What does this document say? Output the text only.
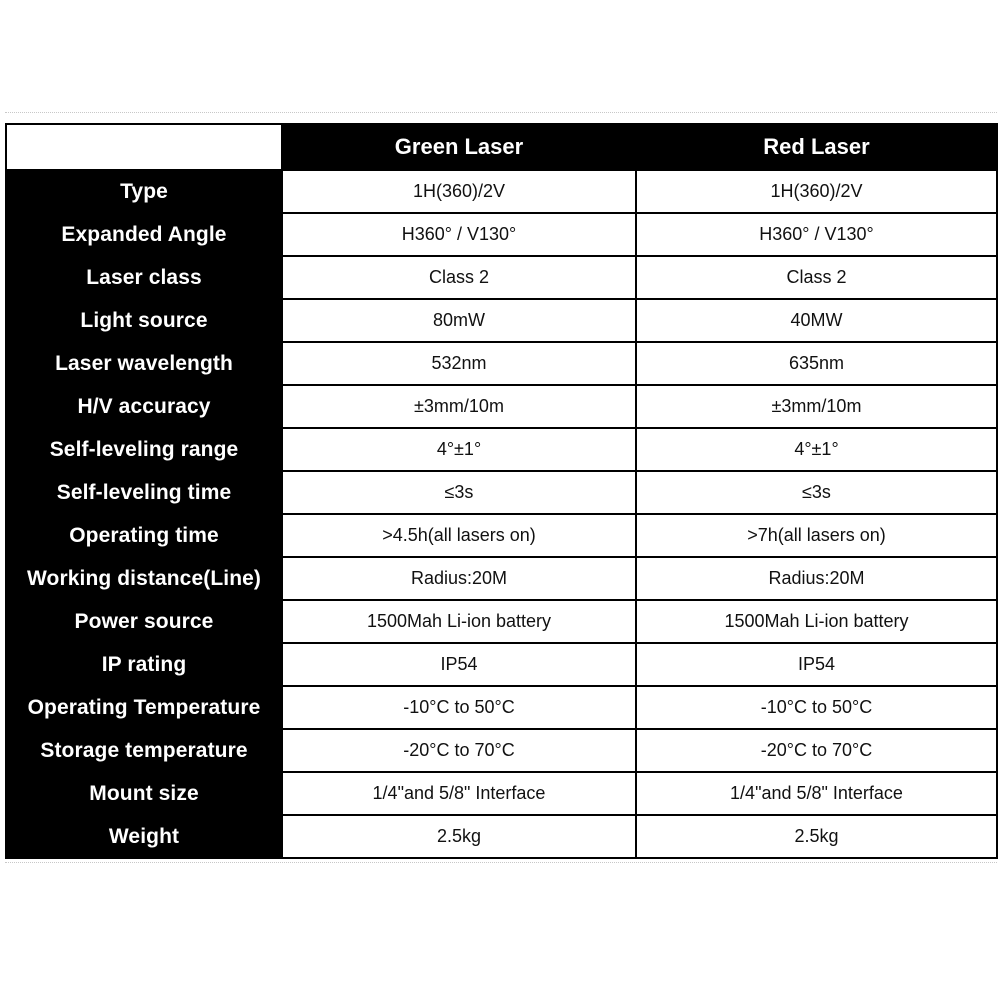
	Green Laser	Red Laser
Type	1H(360)/2V	1H(360)/2V
Expanded Angle	H360° / V130°	H360° / V130°
Laser class	Class 2	Class 2
Light source	80mW	40MW
Laser wavelength	532nm	635nm
H/V accuracy	±3mm/10m	±3mm/10m
Self-leveling range	4°±1°	4°±1°
Self-leveling time	≤3s	≤3s
Operating time	>4.5h(all lasers on)	>7h(all lasers on)
Working distance(Line)	Radius:20M	Radius:20M
Power source	1500Mah Li-ion battery	1500Mah Li-ion battery
IP rating	IP54	IP54
Operating Temperature	-10°C to 50°C	-10°C to 50°C
Storage temperature	-20°C to 70°C	-20°C to 70°C
Mount size	1/4"and 5/8" Interface	1/4"and 5/8" Interface
Weight	2.5kg	2.5kg
